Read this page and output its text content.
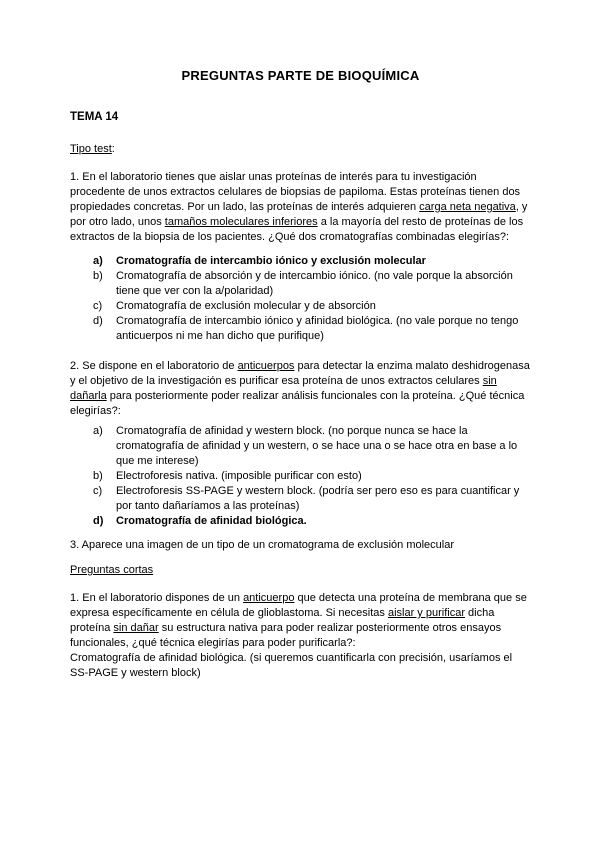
PREGUNTAS PARTE DE BIOQUÍMICA
TEMA 14
Tipo test:

1. En el laboratorio tienes que aislar unas proteínas de interés para tu investigación procedente de unos extractos celulares de biopsias de papiloma. Estas proteínas tienen dos propiedades concretas. Por un lado, las proteínas de interés adquieren carga neta negativa, y por otro lado, unos tamaños moleculares inferiores a la mayoría del resto de proteínas de los extractos de la biopsia de los pacientes. ¿Qué dos cromatografías combinadas elegirías?:

a)	Cromatografía de intercambio iónico y exclusión molecular
b)	Cromatografía de absorción y de intercambio iónico. (no vale porque la absorción tiene que ver con la a/polaridad)
c)	Cromatografía de exclusión molecular y de absorción
d)	Cromatografía de intercambio iónico y afinidad biológica. (no vale porque no tengo anticuerpos ni me han dicho que purifique)

2. Se dispone en el laboratorio de anticuerpos para detectar la enzima malato deshidrogenasa y el objetivo de la investigación es purificar esa proteína de unos extractos celulares sin dañarla para posteriormente poder realizar análisis funcionales con la proteína. ¿Qué técnica elegirías?:

a)	Cromatografía de afinidad y western block. (no porque nunca se hace la cromatografía de afinidad y un western, o se hace una o se hace otra en base a lo que me interese)
b)	Electroforesis nativa. (imposible purificar con esto)
c)	Electroforesis SS-PAGE y western block. (podría ser pero eso es para cuantificar y por tanto dañaríamos a las proteínas)
d)	Cromatografía de afinidad biológica.

3. Aparece una imagen de un tipo de un cromatograma de exclusión molecular

Preguntas cortas

1. En el laboratorio dispones de un anticuerpo que detecta una proteína de membrana que se expresa específicamente en célula de glioblastoma. Si necesitas aislar y purificar dicha proteína sin dañar su estructura nativa para poder realizar posteriormente otros ensayos funcionales, ¿qué técnica elegirías para poder purificarla?:

Cromatografía de afinidad biológica. (si queremos cuantificarla con precisión, usaríamos el SS-PAGE y western block)
